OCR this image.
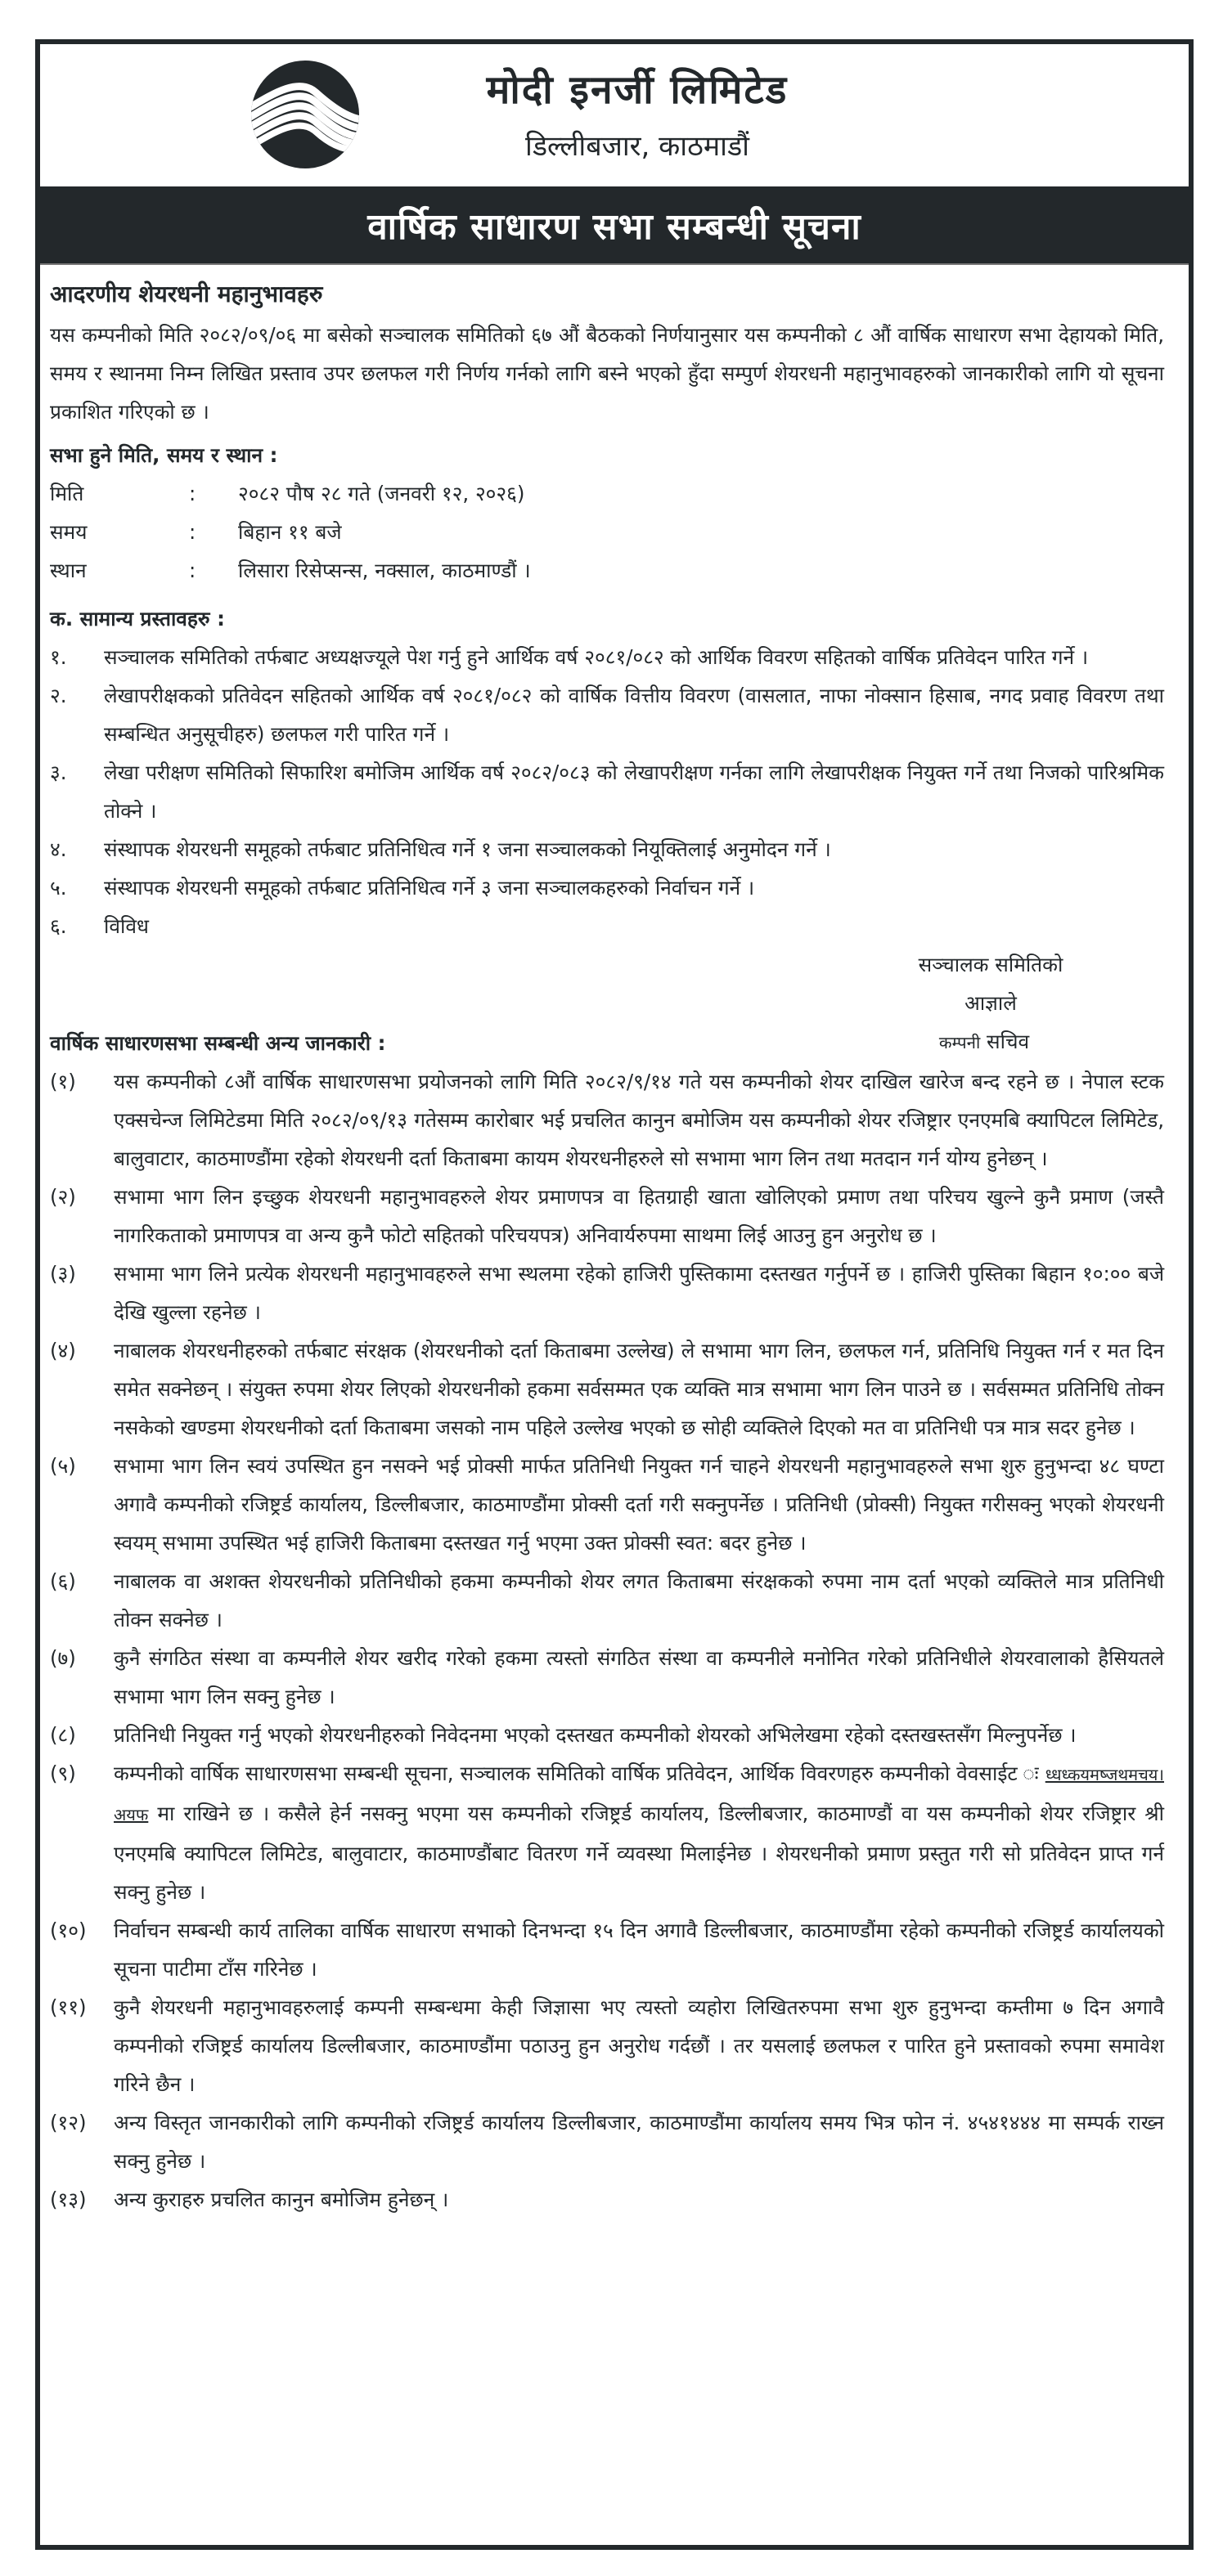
मोदी इनर्जी लिमिटेड
डिल्लीबजार, काठमाडौं
वार्षिक साधारण सभा सम्बन्धी सूचना
आदरणीय शेयरधनी महानुभावहरु

यस कम्पनीको मिति २०८२/०९/०६ मा बसेको सञ्चालक समितिको ६७ औं बैठकको निर्णयानुसार यस कम्पनीको ८ औं वार्षिक साधारण सभा देहायको मिति, समय र स्थानमा निम्न लिखित प्रस्ताव उपर छलफल गरी निर्णय गर्नको लागि बस्ने भएको हुँदा सम्पुर्ण शेयरधनी महानुभावहरुको जानकारीको लागि यो सूचना प्रकाशित गरिएको छ ।

सभा हुने मिति, समय र स्थान :
मिति	:	२०८२ पौष २८ गते (जनवरी १२, २०२६)
समय	:	बिहान ११ बजे
स्थान	:	लिसारा रिसेप्सन्स, नक्साल, काठमाण्डौं ।
क. सामान्य प्रस्तावहरु :
१.	सञ्चालक समितिको तर्फबाट अध्यक्षज्यूले पेश गर्नु हुने आर्थिक वर्ष २०८१/०८२ को आर्थिक विवरण सहितको वार्षिक प्रतिवेदन पारित गर्ने ।
२.	लेखापरीक्षकको प्रतिवेदन सहितको आर्थिक वर्ष २०८१/०८२ को वार्षिक वित्तीय विवरण (वासलात, नाफा नोक्सान हिसाब, नगद प्रवाह विवरण तथा सम्बन्धित अनुसूचीहरु) छलफल गरी पारित गर्ने ।
३.	लेखा परीक्षण समितिको सिफारिश बमोजिम आर्थिक वर्ष २०८२/०८३ को लेखापरीक्षण गर्नका लागि लेखापरीक्षक नियुक्त गर्ने तथा निजको पारिश्रमिक तोक्ने ।
४.	संस्थापक शेयरधनी समूहको तर्फबाट प्रतिनिधित्व गर्ने १ जना सञ्चालकको नियूक्तिलाई अनुमोदन गर्ने ।
५.	संस्थापक शेयरधनी समूहको तर्फबाट प्रतिनिधित्व गर्ने ३ जना सञ्चालकहरुको निर्वाचन गर्ने ।
६.	विविध
सञ्चालक समितिको
आज्ञाले
वार्षिक साधारणसभा सम्बन्धी अन्य जानकारी :	कम्पनी सचिव
(१)	यस कम्पनीको ८औं वार्षिक साधारणसभा प्रयोजनको लागि मिति २०८२/९/१४ गते यस कम्पनीको शेयर दाखिल खारेज बन्द रहने छ । नेपाल स्टक एक्सचेन्ज लिमिटेडमा मिति २०८२/०९/१३ गतेसम्म कारोबार भई प्रचलित कानुन बमोजिम यस कम्पनीको शेयर रजिष्ट्रार एनएमबि क्यापिटल लिमिटेड, बालुवाटार, काठमाण्डौंमा रहेको शेयरधनी दर्ता किताबमा कायम शेयरधनीहरुले सो सभामा भाग लिन तथा मतदान गर्न योग्य हुनेछन् ।
(२)	सभामा भाग लिन इच्छुक शेयरधनी महानुभावहरुले शेयर प्रमाणपत्र वा हितग्राही खाता खोलिएको प्रमाण तथा परिचय खुल्ने कुनै प्रमाण (जस्तै नागरिकताको प्रमाणपत्र वा अन्य कुनै फोटो सहितको परिचयपत्र) अनिवार्यरुपमा साथमा लिई आउनु हुन अनुरोध छ ।
(३)	सभामा भाग लिने प्रत्येक शेयरधनी महानुभावहरुले सभा स्थलमा रहेको हाजिरी पुस्तिकामा दस्तखत गर्नुपर्ने छ । हाजिरी पुस्तिका बिहान १०:०० बजे देखि खुल्ला रहनेछ ।
(४)	नाबालक शेयरधनीहरुको तर्फबाट संरक्षक (शेयरधनीको दर्ता किताबमा उल्लेख) ले सभामा भाग लिन, छलफल गर्न, प्रतिनिधि नियुक्त गर्न र मत दिन समेत सक्नेछन् । संयुक्त रुपमा शेयर लिएको शेयरधनीको हकमा सर्वसम्मत एक व्यक्ति मात्र सभामा भाग लिन पाउने छ । सर्वसम्मत प्रतिनिधि तोक्न नसकेको खण्डमा शेयरधनीको दर्ता किताबमा जसको नाम पहिले उल्लेख भएको छ सोही व्यक्तिले दिएको मत वा प्रतिनिधी पत्र मात्र सदर हुनेछ ।
(५)	सभामा भाग लिन स्वयं उपस्थित हुन नसक्ने भई प्रोक्सी मार्फत प्रतिनिधी नियुक्त गर्न चाहने शेयरधनी महानुभावहरुले सभा शुरु हुनुभन्दा ४८ घण्टा अगावै कम्पनीको रजिष्ट्रर्ड कार्यालय, डिल्लीबजार, काठमाण्डौंमा प्रोक्सी दर्ता गरी सक्नुपर्नेछ । प्रतिनिधी (प्रोक्सी) नियुक्त गरीसक्नु भएको शेयरधनी स्वयम् सभामा उपस्थित भई हाजिरी किताबमा दस्तखत गर्नु भएमा उक्त प्रोक्सी स्वत: बदर हुनेछ ।
(६)	नाबालक वा अशक्त शेयरधनीको प्रतिनिधीको हकमा कम्पनीको शेयर लगत किताबमा संरक्षकको रुपमा नाम दर्ता भएको व्यक्तिले मात्र प्रतिनिधी तोक्न सक्नेछ ।
(७)	कुनै संगठित संस्था वा कम्पनीले शेयर खरीद गरेको हकमा त्यस्तो संगठित संस्था वा कम्पनीले मनोनित गरेको प्रतिनिधीले शेयरवालाको हैसियतले सभामा भाग लिन सक्नु हुनेछ ।
(८)	प्रतिनिधी नियुक्त गर्नु भएको शेयरधनीहरुको निवेदनमा भएको दस्तखत कम्पनीको शेयरको अभिलेखमा रहेको दस्तखस्तसँग मिल्नुपर्नेछ ।
(९)	कम्पनीको वार्षिक साधारणसभा सम्बन्धी सूचना, सञ्चालक समितिको वार्षिक प्रतिवेदन, आर्थिक विवरणहरु कम्पनीको वेवसाईट ध्धध्कयमष्जथमचय।अयफ मा राखिने छ । कसैले हेर्न नसक्नु भएमा यस कम्पनीको रजिष्ट्रर्ड कार्यालय, डिल्लीबजार, काठमाण्डौं वा यस कम्पनीको शेयर रजिष्ट्रार श्री एनएमबि क्यापिटल लिमिटेड, बालुवाटार, काठमाण्डौंबाट वितरण गर्ने व्यवस्था मिलाईनेछ । शेयरधनीको प्रमाण प्रस्तुत गरी सो प्रतिवेदन प्राप्त गर्न सक्नु हुनेछ ।
(१०)	निर्वाचन सम्बन्धी कार्य तालिका वार्षिक साधारण सभाको दिनभन्दा १५ दिन अगावै डिल्लीबजार, काठमाण्डौंमा रहेको कम्पनीको रजिष्ट्रर्ड कार्यालयको सूचना पाटीमा टाँस गरिनेछ ।
(११)	कुनै शेयरधनी महानुभावहरुलाई कम्पनी सम्बन्धमा केही जिज्ञासा भए त्यस्तो व्यहोरा लिखितरुपमा सभा शुरु हुनुभन्दा कम्तीमा ७ दिन अगावै कम्पनीको रजिष्ट्रर्ड कार्यालय डिल्लीबजार, काठमाण्डौंमा पठाउनु हुन अनुरोध गर्दछौं । तर यसलाई छलफल र पारित हुने प्रस्तावको रुपमा समावेश गरिने छैन ।
(१२)	अन्य विस्तृत जानकारीको लागि कम्पनीको रजिष्ट्रर्ड कार्यालय डिल्लीबजार, काठमाण्डौंमा कार्यालय समय भित्र फोन नं. ४५४१४४४ मा सम्पर्क राख्न सक्नु हुनेछ ।
(१३)	अन्य कुराहरु प्रचलित कानुन बमोजिम हुनेछन् ।
